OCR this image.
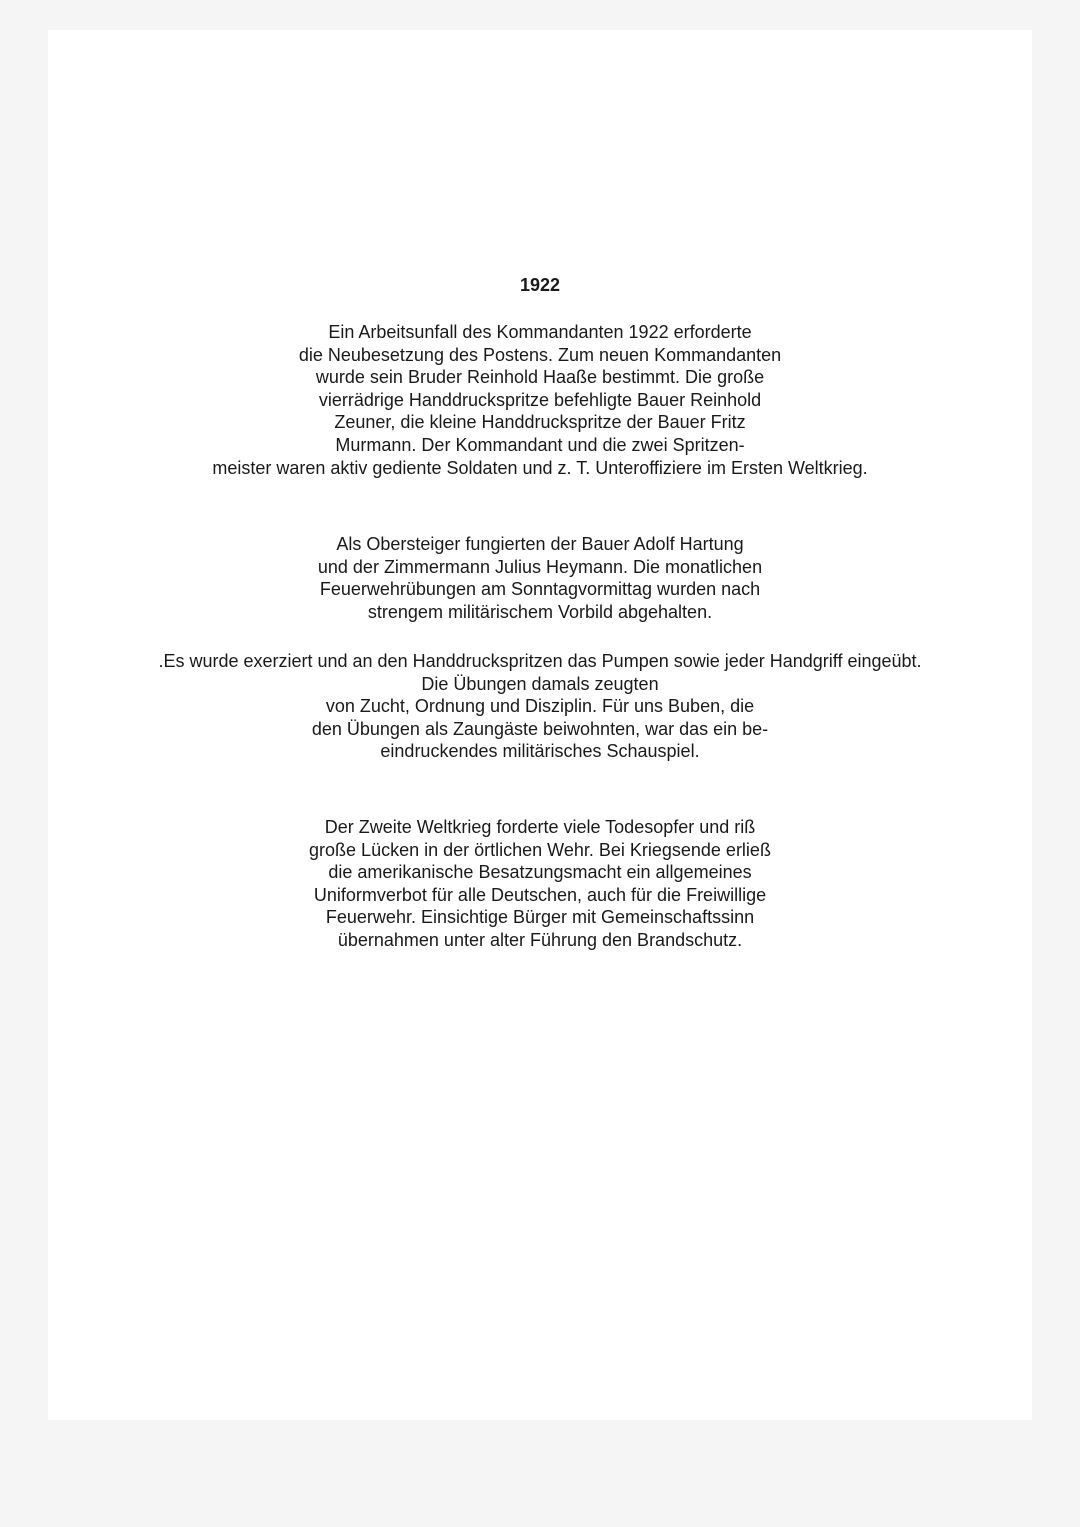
1922
Ein Arbeitsunfall des Kommandanten 1922 erforderte
die Neubesetzung des Postens. Zum neuen Kommandanten
wurde sein Bruder Reinhold Haaße bestimmt. Die große
vierrädrige Handdruckspritze befehligte Bauer Reinhold
Zeuner, die kleine Handdruckspritze der Bauer Fritz
Murmann. Der Kommandant und die zwei Spritzen-
meister waren aktiv gediente Soldaten und z. T. Unteroffiziere im Ersten Weltkrieg.
Als Obersteiger fungierten der Bauer Adolf Hartung
und der Zimmermann Julius Heymann. Die monatlichen
Feuerwehrübungen am Sonntagvormittag wurden nach
strengem militärischem Vorbild abgehalten.
.Es wurde exerziert und an den Handdruckspritzen das Pumpen sowie jeder Handgriff eingeübt.
Die Übungen damals zeugten
von Zucht, Ordnung und Disziplin. Für uns Buben, die
den Übungen als Zaungäste beiwohnten, war das ein be-
eindruckendes militärisches Schauspiel.
Der Zweite Weltkrieg forderte viele Todesopfer und riß
große Lücken in der örtlichen Wehr. Bei Kriegsende erließ
die amerikanische Besatzungsmacht ein allgemeines
Uniformverbot für alle Deutschen, auch für die Freiwillige
Feuerwehr. Einsichtige Bürger mit Gemeinschaftssinn
übernahmen unter alter Führung den Brandschutz.
